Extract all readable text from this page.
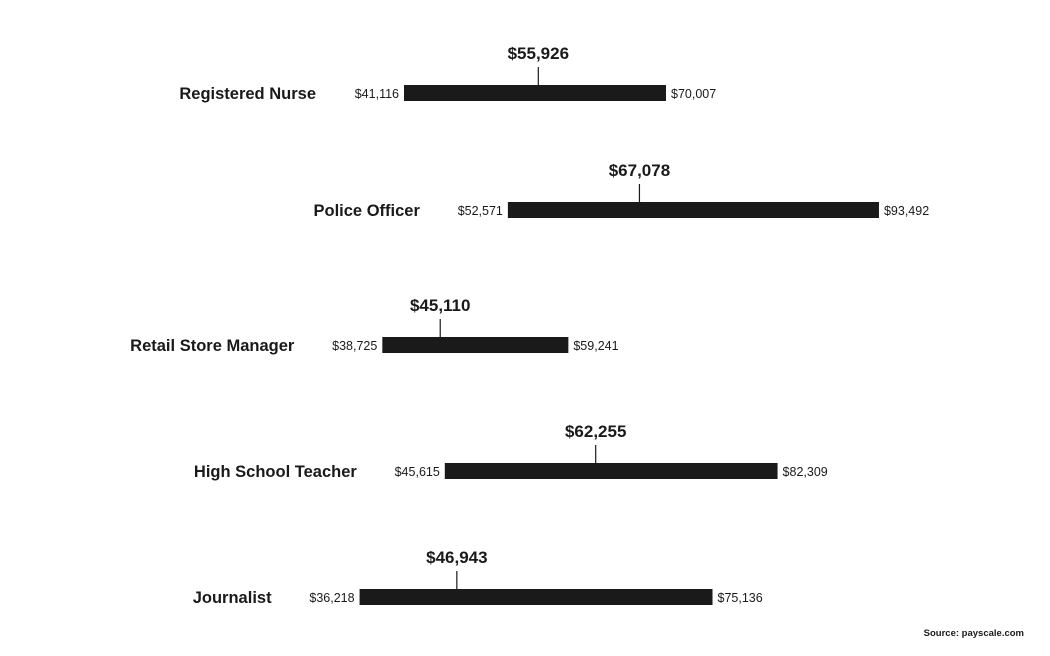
$55,926
$41,116	$70,007
Registered Nurse
$67,078
$52,571	$93,492
Police Officer
$45,110
$38,725	$59,241
Retail Store Manager
$62,255
$45,615	$82,309
High School Teacher
$46,943
$36,218	$75,136
Journalist
Source: payscale.com
